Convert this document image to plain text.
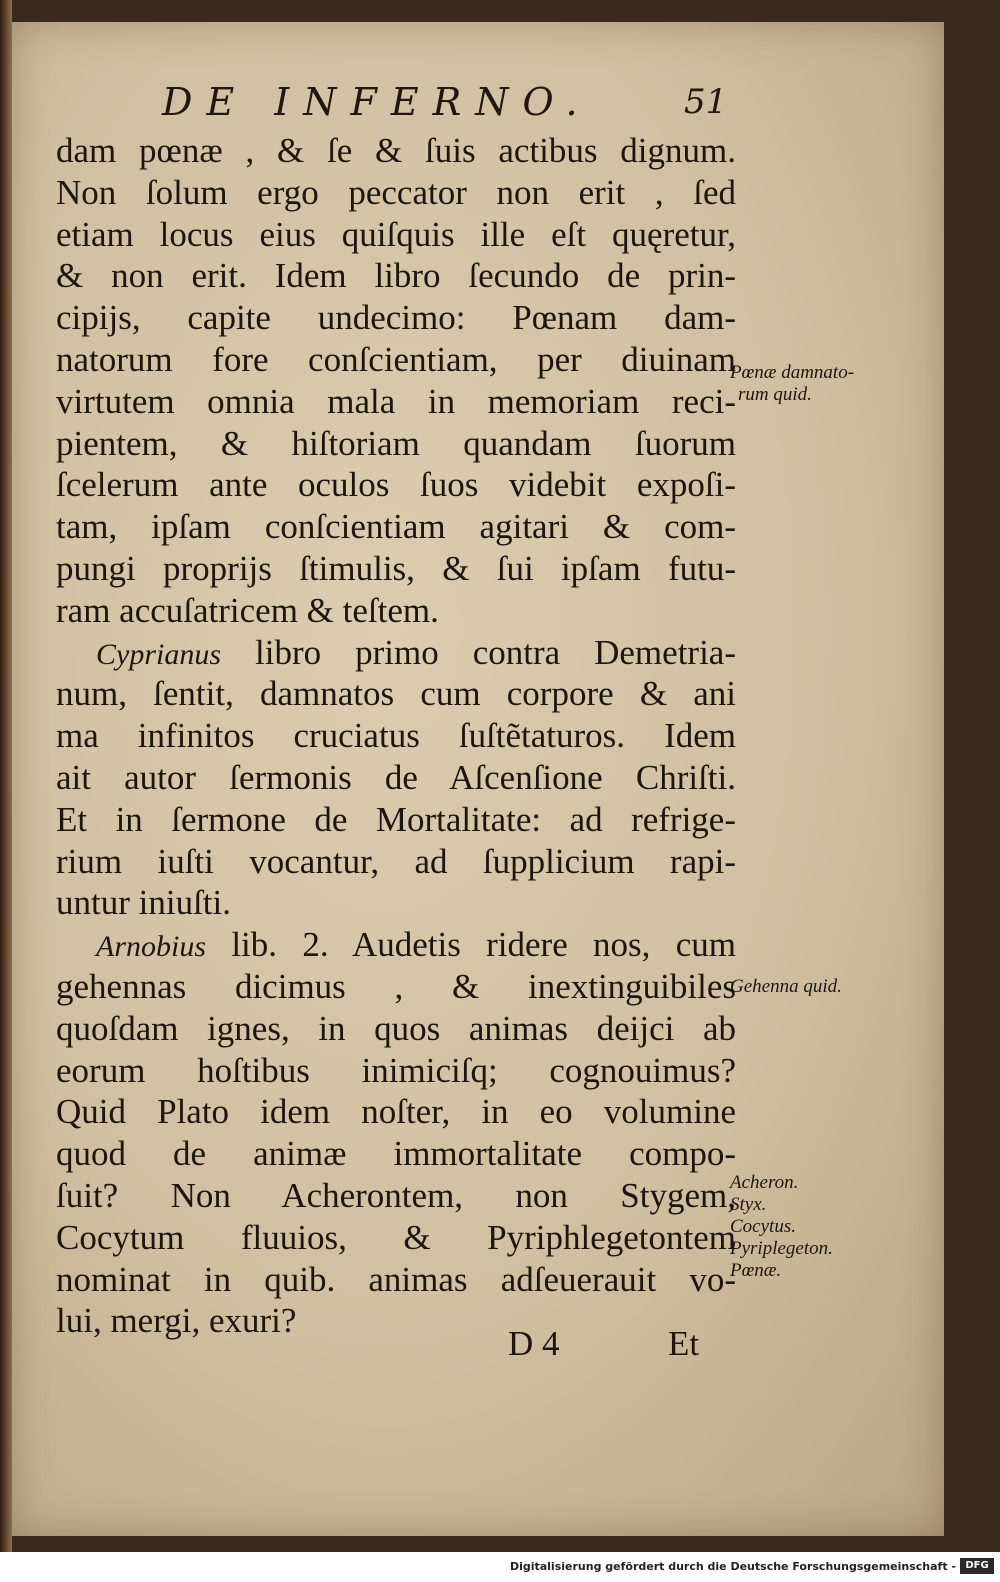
DE INFERNO.	51
dam pœnæ , & ſe & ſuis actibus dignum.
Non ſolum ergo peccator non erit , ſed
etiam locus eius quiſquis ille eſt quęretur,
& non erit. Idem libro ſecundo de prin-
cipijs, capite undecimo: Pœnam dam-
natorum fore conſcientiam, per diuinam
virtutem omnia mala in memoriam reci-
pientem, & hiſtoriam quandam ſuorum
ſcelerum ante oculos ſuos videbit expoſi-
tam, ipſam conſcientiam agitari & com-
pungi proprijs ſtimulis, & ſui ipſam futu-
ram accuſatricem & teſtem.
Cyprianus libro primo contra Demetria-
num, ſentit, damnatos cum corpore & ani
ma infinitos cruciatus ſuſtẽtaturos. Idem
ait autor ſermonis de Aſcenſione Chriſti.
Et in ſermone de Mortalitate: ad refrige-
rium iuſti vocantur, ad ſupplicium rapi-
untur iniuſti.
Arnobius lib. 2. Audetis ridere nos, cum
gehennas dicimus , & inextinguibiles
quoſdam ignes, in quos animas deijci ab
eorum hoſtibus inimiciſq; cognouimus?
Quid Plato idem noſter, in eo volumine
quod de animæ immortalitate compo-
ſuit? Non Acherontem, non Stygem,
Cocytum fluuios, & Pyriphlegetontem
nominat in quib. animas adſeuerauit vo-
lui, mergi, exuri?
Pœnæ damnato-
rum quid.
Gehenna quid.
Acheron.
Styx.
Cocytus.
Pyriplegeton.
Pœnæ.
D 4	Et
Digitalisierung gefördert durch die Deutsche Forschungsgemeinschaft - DFG
